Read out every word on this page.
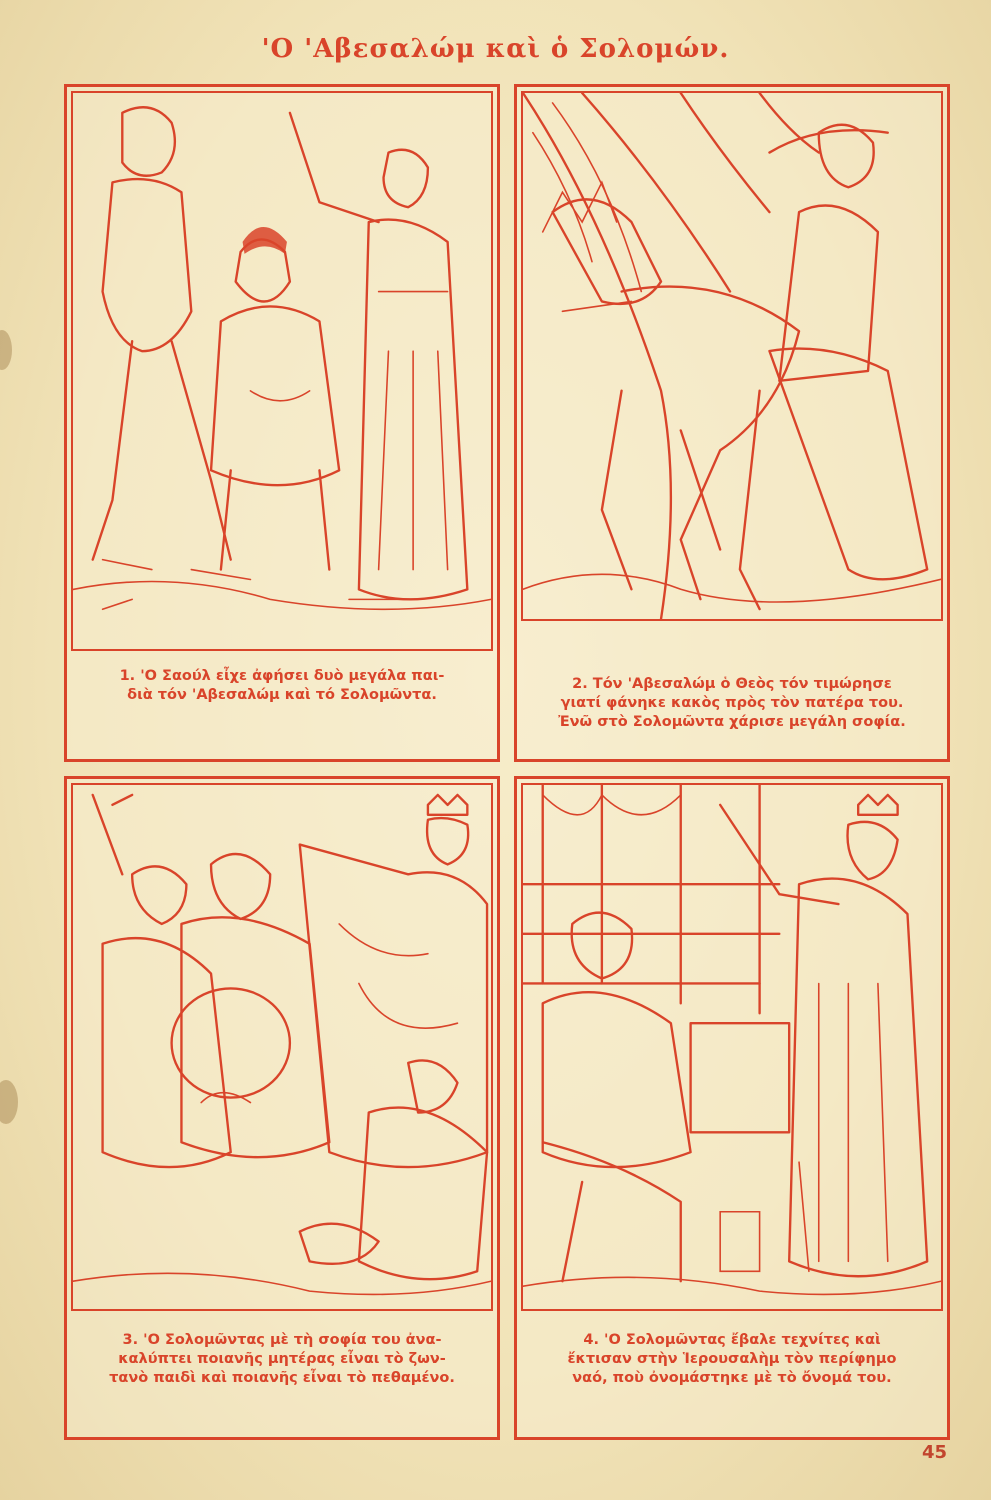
'Ο 'Αβεσαλώμ καὶ ὁ Σολομών.
1. 'Ο Σαούλ εἶχε ἀφήσει δυὸ μεγάλα παι-
διὰ τόν 'Αβεσαλώμ καὶ τό Σολομῶντα.
2. Τόν 'Αβεσαλώμ ὁ Θεὸς τόν τιμώρησε
γιατί φάνηκε κακὸς πρὸς τὸν πατέρα του.
Ἐνῶ στὸ Σολομῶντα χάρισε μεγάλη σοφία.
3. 'Ο Σολομῶντας μὲ τὴ σοφία του ἀνα-
καλύπτει ποιανῆς μητέρας εἶναι τὸ ζων-
τανὸ παιδὶ καὶ ποιανῆς εἶναι τὸ πεθαμένο.
4. 'Ο Σολομῶντας ἔβαλε τεχνίτες καὶ
ἔκτισαν στὴν Ἱερουσαλὴμ τὸν περίφημο
ναό, ποὺ ὀνομάστηκε μὲ τὸ ὄνομά του.
45
